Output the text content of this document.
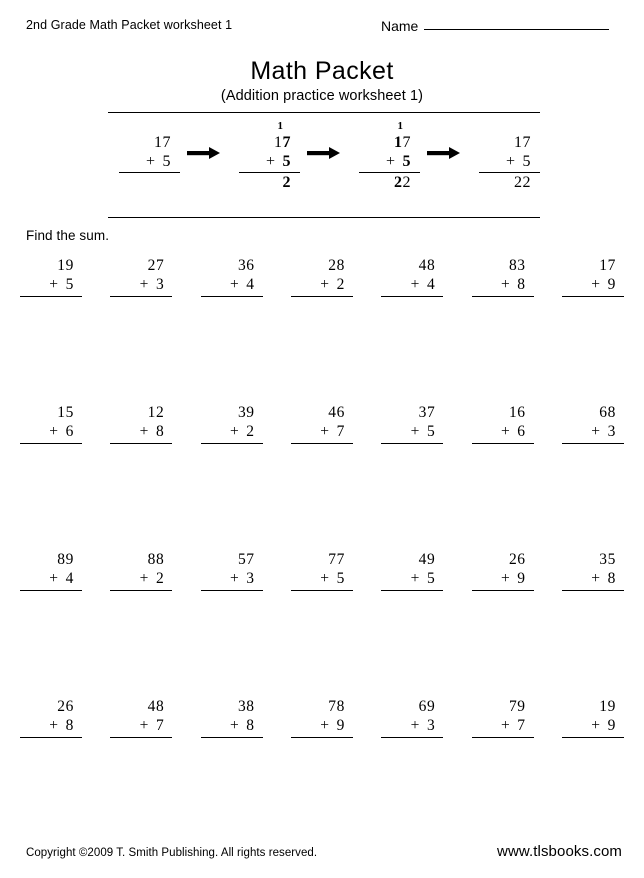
2nd Grade Math Packet worksheet 1	Name
Math Packet
(Addition practice worksheet 1)
17
+ 5
1
17
+ 5
2
1
17
+ 5
22
17
+ 5
22
Find the sum.
19
+ 5
27
+ 3
36
+ 4
28
+ 2
48
+ 4
83
+ 8
17
+ 9
15
+ 6
12
+ 8
39
+ 2
46
+ 7
37
+ 5
16
+ 6
68
+ 3
89
+ 4
88
+ 2
57
+ 3
77
+ 5
49
+ 5
26
+ 9
35
+ 8
26
+ 8
48
+ 7
38
+ 8
78
+ 9
69
+ 3
79
+ 7
19
+ 9
Copyright ©2009 T. Smith Publishing. All rights reserved.	www.tlsbooks.com
